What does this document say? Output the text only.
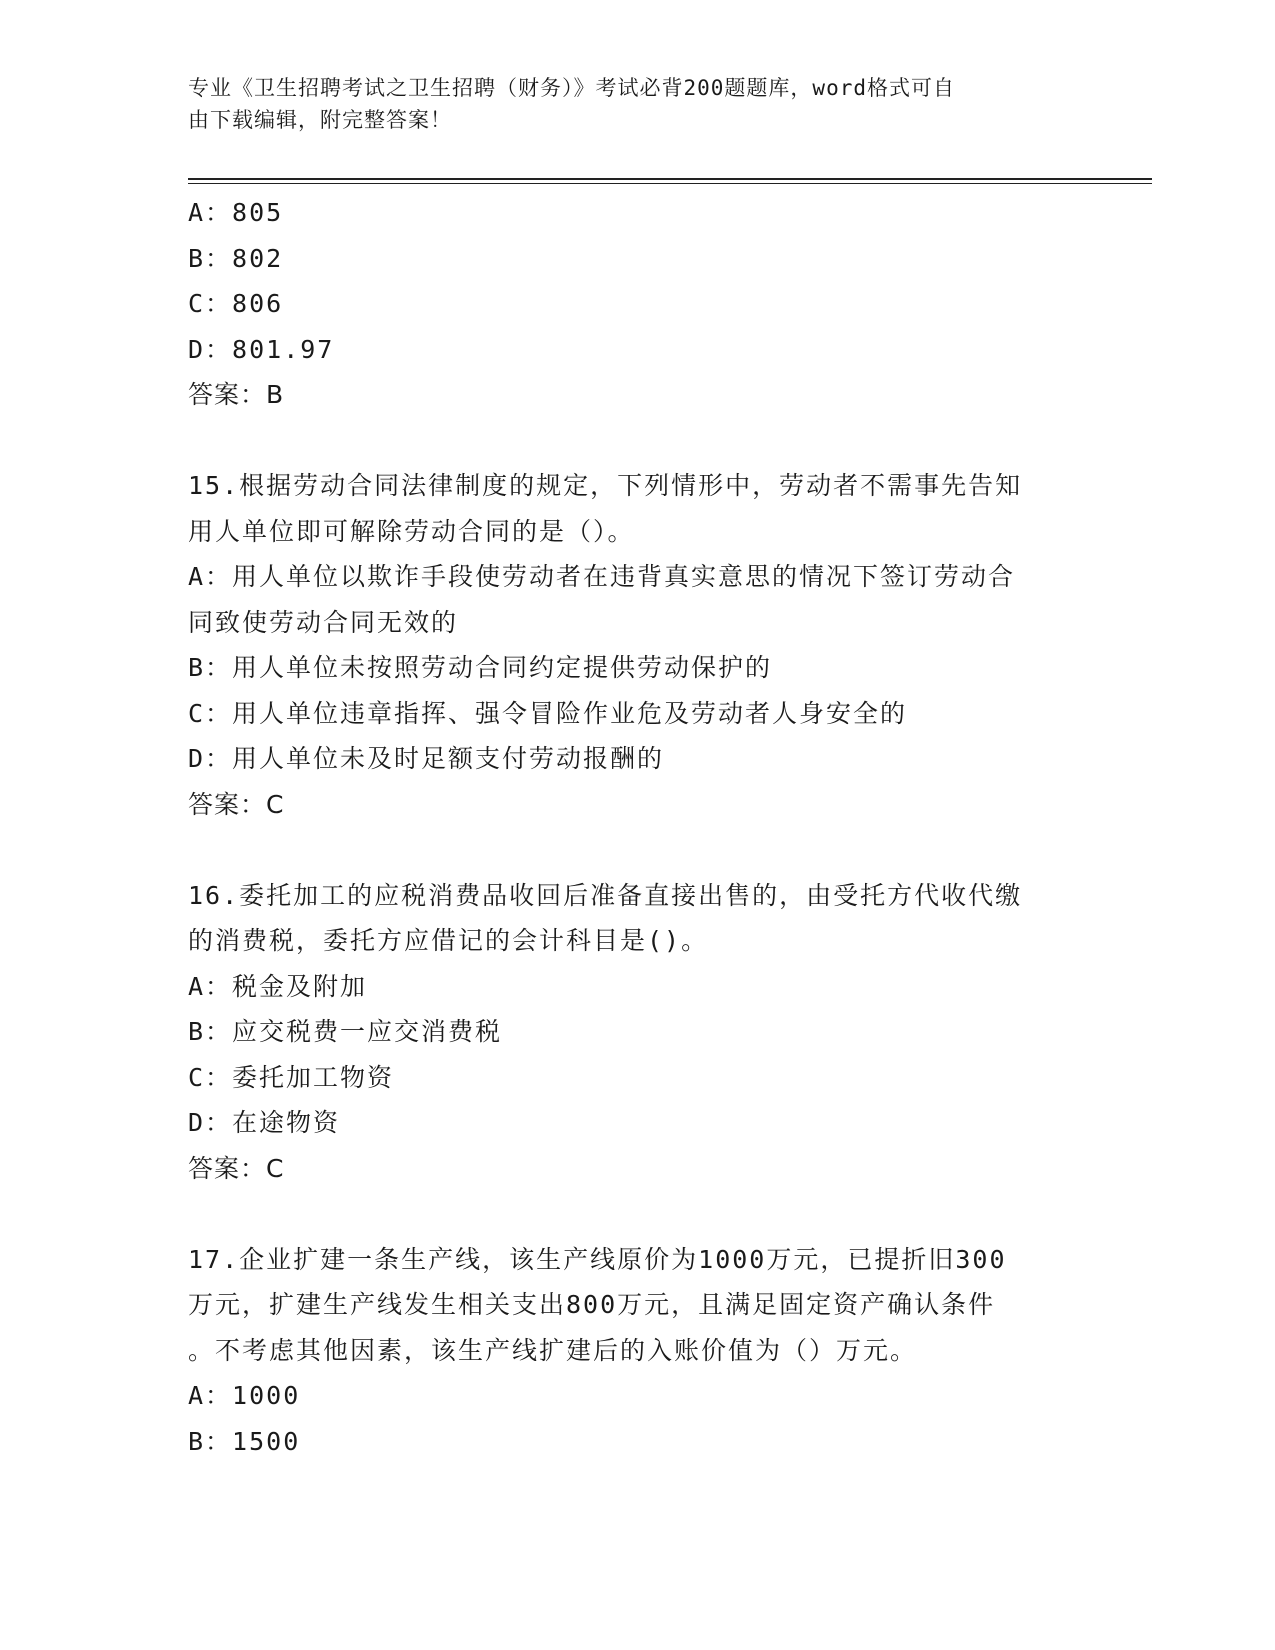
专业《卫生招聘考试之卫生招聘（财务）》考试必背200题题库，word格式可自
由下载编辑，附完整答案！
A：805
B：802
C：806
D：801.97
答案：B
15.根据劳动合同法律制度的规定，下列情形中，劳动者不需事先告知
用人单位即可解除劳动合同的是（）。
A：用人单位以欺诈手段使劳动者在违背真实意思的情况下签订劳动合
同致使劳动合同无效的
B：用人单位未按照劳动合同约定提供劳动保护的
C：用人单位违章指挥、强令冒险作业危及劳动者人身安全的
D：用人单位未及时足额支付劳动报酬的
答案：C
16.委托加工的应税消费品收回后准备直接出售的，由受托方代收代缴
的消费税，委托方应借记的会计科目是()。
A：税金及附加
B：应交税费一应交消费税
C：委托加工物资
D：在途物资
答案：C
17.企业扩建一条生产线，该生产线原价为1000万元，已提折旧300
万元，扩建生产线发生相关支出800万元，且满足固定资产确认条件
。不考虑其他因素，该生产线扩建后的入账价值为（）万元。
A：1000
B：1500
